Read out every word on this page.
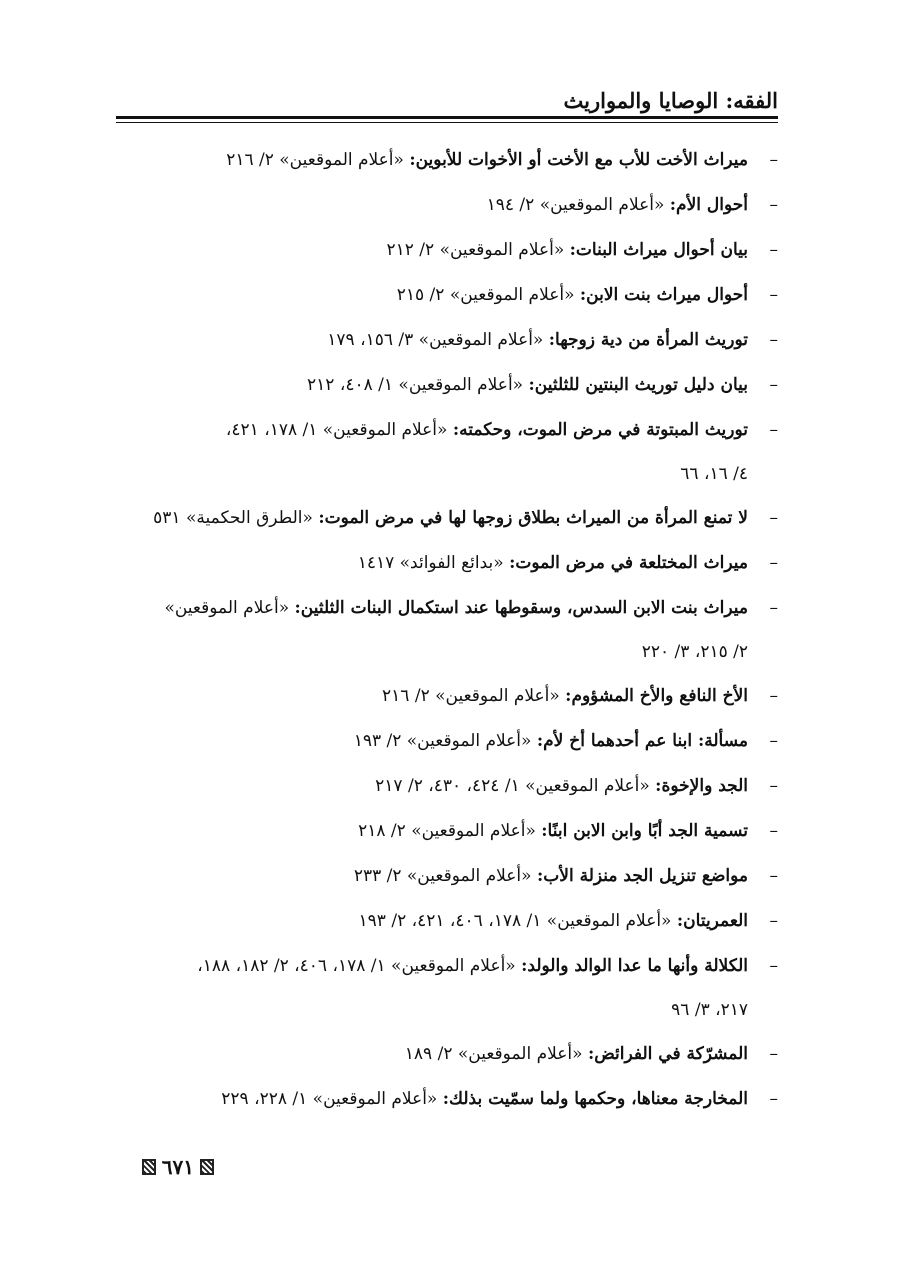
الفقه: الوصايا والمواريث
–
ميراث الأخت للأب مع الأخت أو الأخوات للأبوين: «أعلام الموقعين» ٢/ ٢١٦
–
أحوال الأم: «أعلام الموقعين» ٢/ ١٩٤
–
بيان أحوال ميراث البنات: «أعلام الموقعين» ٢/ ٢١٢
–
أحوال ميراث بنت الابن: «أعلام الموقعين» ٢/ ٢١٥
–
توريث المرأة من دية زوجها: «أعلام الموقعين» ٣/ ١٥٦، ١٧٩
–
بيان دليل توريث البنتين للثلثين: «أعلام الموقعين» ١/ ٤٠٨، ٢١٢
–
توريث المبتوتة في مرض الموت، وحكمته: «أعلام الموقعين» ١/ ١٧٨، ٤٢١،
٤/ ١٦، ٦٦
–
لا تمنع المرأة من الميراث بطلاق زوجها لها في مرض الموت: «الطرق الحكمية» ٥٣١
–
ميراث المختلعة في مرض الموت: «بدائع الفوائد» ١٤١٧
–
ميراث بنت الابن السدس، وسقوطها عند استكمال البنات الثلثين: «أعلام الموقعين»
٢/ ٢١٥، ٣/ ٢٢٠
–
الأخ النافع والأخ المشؤوم: «أعلام الموقعين» ٢/ ٢١٦
–
مسألة: ابنا عم أحدهما أخ لأم: «أعلام الموقعين» ٢/ ١٩٣
–
الجد والإخوة: «أعلام الموقعين» ١/ ٤٢٤، ٤٣٠، ٢/ ٢١٧
–
تسمية الجد أبًا وابن الابن ابنًا: «أعلام الموقعين» ٢/ ٢١٨
–
مواضع تنزيل الجد منزلة الأب: «أعلام الموقعين» ٢/ ٢٣٣
–
العمريتان: «أعلام الموقعين» ١/ ١٧٨، ٤٠٦، ٤٢١، ٢/ ١٩٣
–
الكلالة وأنها ما عدا الوالد والولد: «أعلام الموقعين» ١/ ١٧٨، ٤٠٦، ٢/ ١٨٢، ١٨٨،
٢١٧، ٣/ ٩٦
–
المشرّكة في الفرائض: «أعلام الموقعين» ٢/ ١٨٩
–
المخارجة معناها، وحكمها ولما سمّيت بذلك: «أعلام الموقعين» ١/ ٢٢٨، ٢٢٩
٦٧١
